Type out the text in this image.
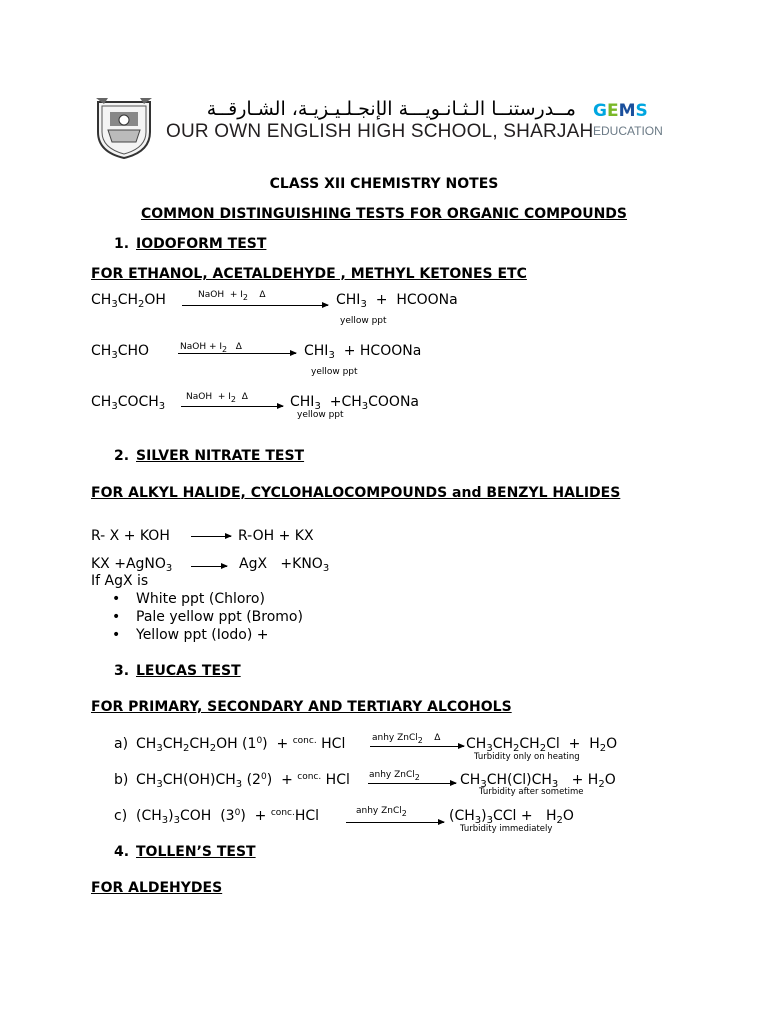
مــدرستنــا الـثـانـويـــة الإنجـلـيـزيـة، الشـارقــة
OUR OWN ENGLISH HIGH SCHOOL, SHARJAH
GEMS
EDUCATION
CLASS XII CHEMISTRY NOTES
COMMON DISTINGUISHING TESTS FOR ORGANIC COMPOUNDS
1. IODOFORM TEST
FOR ETHANOL, ACETALDEHYDE , METHYL KETONES ETC
$CH_3CH_2OH$	NaOH  + $I_2$    Δ	$CHI_3$  +  HCOONa
yellow ppt
$CH_3CHO$	NaOH + $I_2$   Δ	$CHI_3$  + HCOONa
yellow ppt
$CH_3COCH_3$
NaOH  + $I_2$  Δ	$CHI_3$  $+CH_3COONa$
yellow ppt
2. SILVER NITRATE TEST
FOR ALKYL HALIDE, CYCLOHALOCOMPOUNDS and BENZYL HALIDES
R- X + KOH → R-OH + KX
KX +AgNO$_3$ → AgX   $+KNO_3$
If AgX is
• White ppt (Chloro)
• Pale yellow ppt (Bromo)
• Yellow ppt (Iodo) +
3. LEUCAS TEST
FOR PRIMARY, SECONDARY AND TERTIARY ALCOHOLS
a) $CH_3CH_2CH_2OH$ $(1^0) + ^{conc.}$ HCl	anhy ZnCl$_2$    Δ $CH_3CH_2CH_2Cl + H_2O$
Turbidity only on heating
b) $CH_3CH(OH)CH_3$ $(2^0) + ^{conc.}$ HCl anhy ZnCl$_2$	$CH_3CH(Cl)CH_3 + H_2O$
Turbidity after sometime
c) $(CH_3)_3COH$  $(3^0) + ^{conc.}HCl$	anhy ZnCl$_2$	$(CH_3)_3CCl + H_2O$
Turbidity immediately
4. TOLLEN’S TEST
FOR ALDEHYDES
